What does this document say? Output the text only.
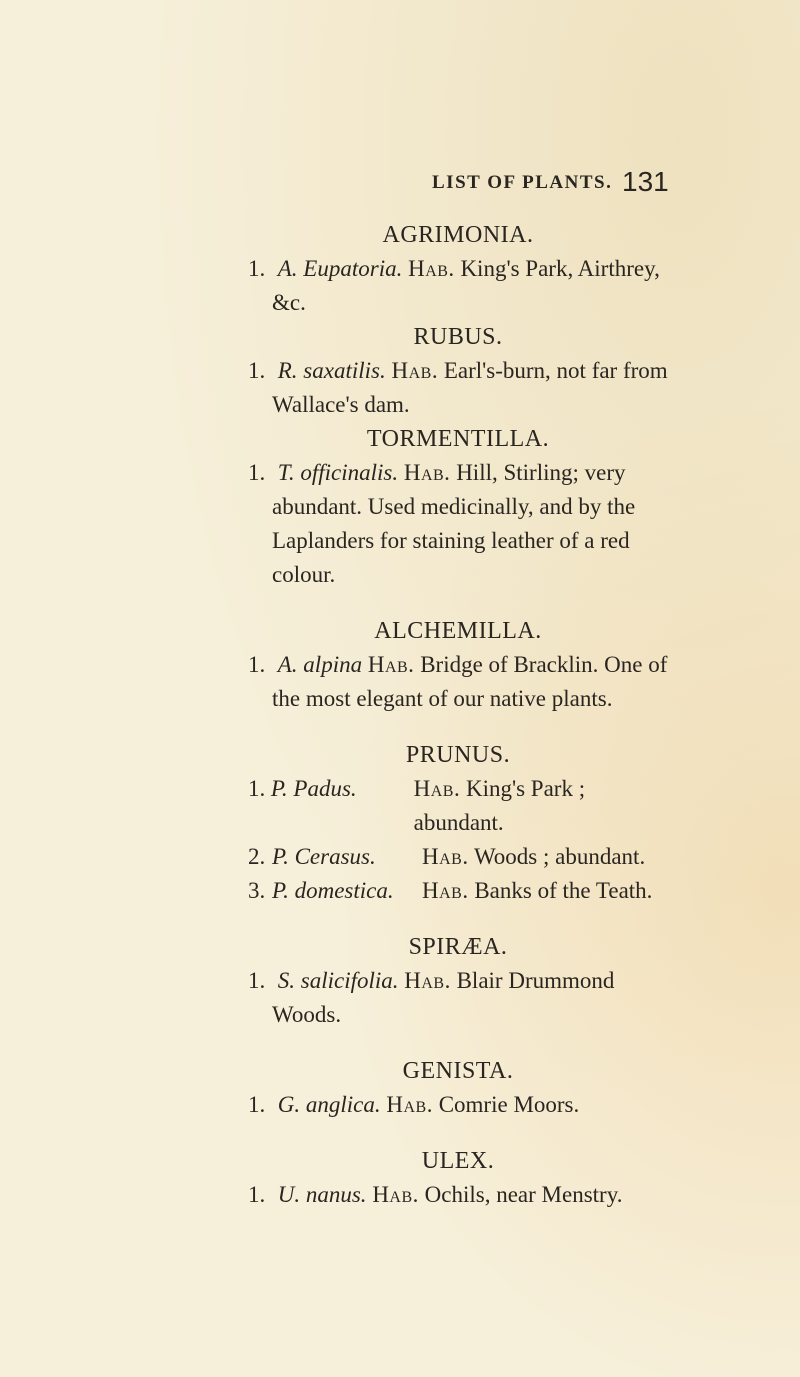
LIST OF PLANTS. 131
AGRIMONIA.
1. A. Eupatoria. Hab. King's Park, Airthrey, &c.
RUBUS.
1. R. saxatilis. Hab. Earl's-burn, not far from Wallace's dam.
TORMENTILLA.
1. T. officinalis. Hab. Hill, Stirling; very abundant. Used medicinally, and by the Laplanders for staining leather of a red colour.
ALCHEMILLA.
1. A. alpina Hab. Bridge of Bracklin. One of the most elegant of our native plants.
PRUNUS.
1. P. Padus.	Hab. King's Park ; abundant.
2. P. Cerasus.	Hab. Woods ; abundant.
3. P. domestica.	Hab. Banks of the Teath.
SPIRÆA.
1. S. salicifolia. Hab. Blair Drummond Woods.
GENISTA.
1. G. anglica. Hab. Comrie Moors.
ULEX.
1. U. nanus. Hab. Ochils, near Menstry.
